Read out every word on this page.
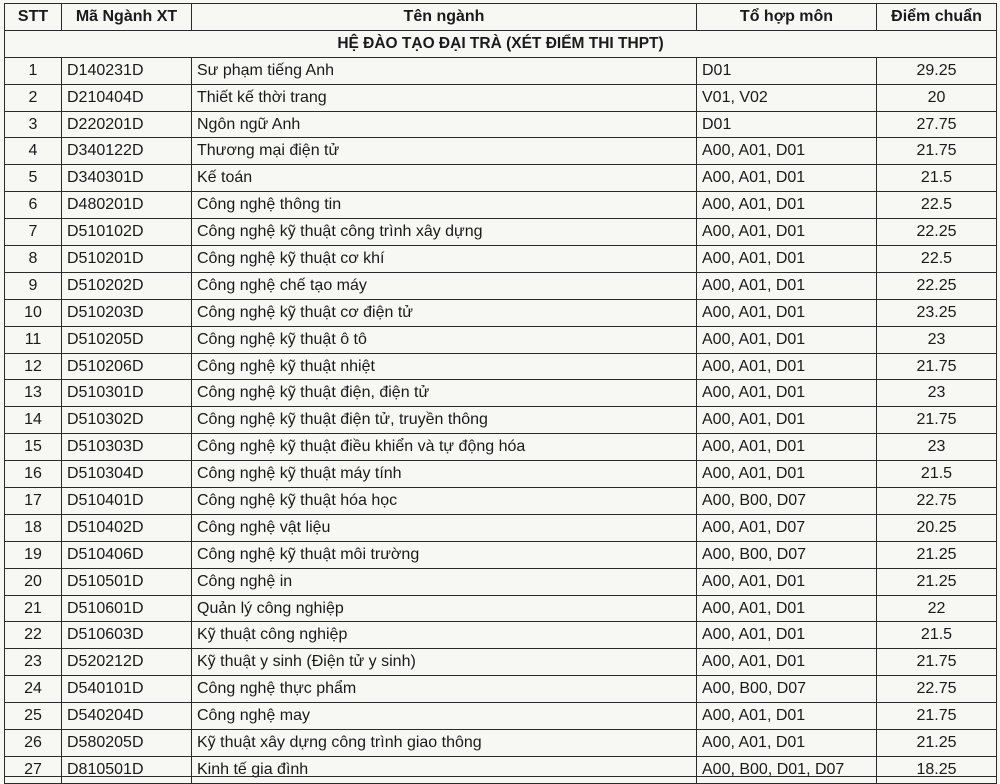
STT	Mã Ngành XT	Tên ngành	Tổ hợp môn	Điểm chuẩn
HỆ ĐÀO TẠO ĐẠI TRÀ (XÉT ĐIỂM THI THPT)				
1	D140231D	Sư phạm tiếng Anh	D01	29.25
2	D210404D	Thiết kế thời trang	V01, V02	20
3	D220201D	Ngôn ngữ Anh	D01	27.75
4	D340122D	Thương mại điện tử	A00, A01, D01	21.75
5	D340301D	Kế toán	A00, A01, D01	21.5
6	D480201D	Công nghệ thông tin	A00, A01, D01	22.5
7	D510102D	Công nghệ kỹ thuật công trình xây dựng	A00, A01, D01	22.25
8	D510201D	Công nghệ kỹ thuật cơ khí	A00, A01, D01	22.5
9	D510202D	Công nghệ chế tạo máy	A00, A01, D01	22.25
10	D510203D	Công nghệ kỹ thuật cơ điện tử	A00, A01, D01	23.25
11	D510205D	Công nghệ kỹ thuật ô tô	A00, A01, D01	23
12	D510206D	Công nghệ kỹ thuật nhiệt	A00, A01, D01	21.75
13	D510301D	Công nghệ kỹ thuật điện, điện tử	A00, A01, D01	23
14	D510302D	Công nghệ kỹ thuật điện tử, truyền thông	A00, A01, D01	21.75
15	D510303D	Công nghệ kỹ thuật điều khiển và tự động hóa	A00, A01, D01	23
16	D510304D	Công nghệ kỹ thuật máy tính	A00, A01, D01	21.5
17	D510401D	Công nghệ kỹ thuật hóa học	A00, B00, D07	22.75
18	D510402D	Công nghệ vật liệu	A00, A01, D07	20.25
19	D510406D	Công nghệ kỹ thuật môi trường	A00, B00, D07	21.25
20	D510501D	Công nghệ in	A00, A01, D01	21.25
21	D510601D	Quản lý công nghiệp	A00, A01, D01	22
22	D510603D	Kỹ thuật công nghiệp	A00, A01, D01	21.5
23	D520212D	Kỹ thuật y sinh (Điện tử y sinh)	A00, A01, D01	21.75
24	D540101D	Công nghệ thực phẩm	A00, B00, D07	22.75
25	D540204D	Công nghệ may	A00, A01, D01	21.75
26	D580205D	Kỹ thuật xây dựng công trình giao thông	A00, A01, D01	21.25
27	D810501D	Kinh tế gia đình	A00, B00, D01, D07	18.25
